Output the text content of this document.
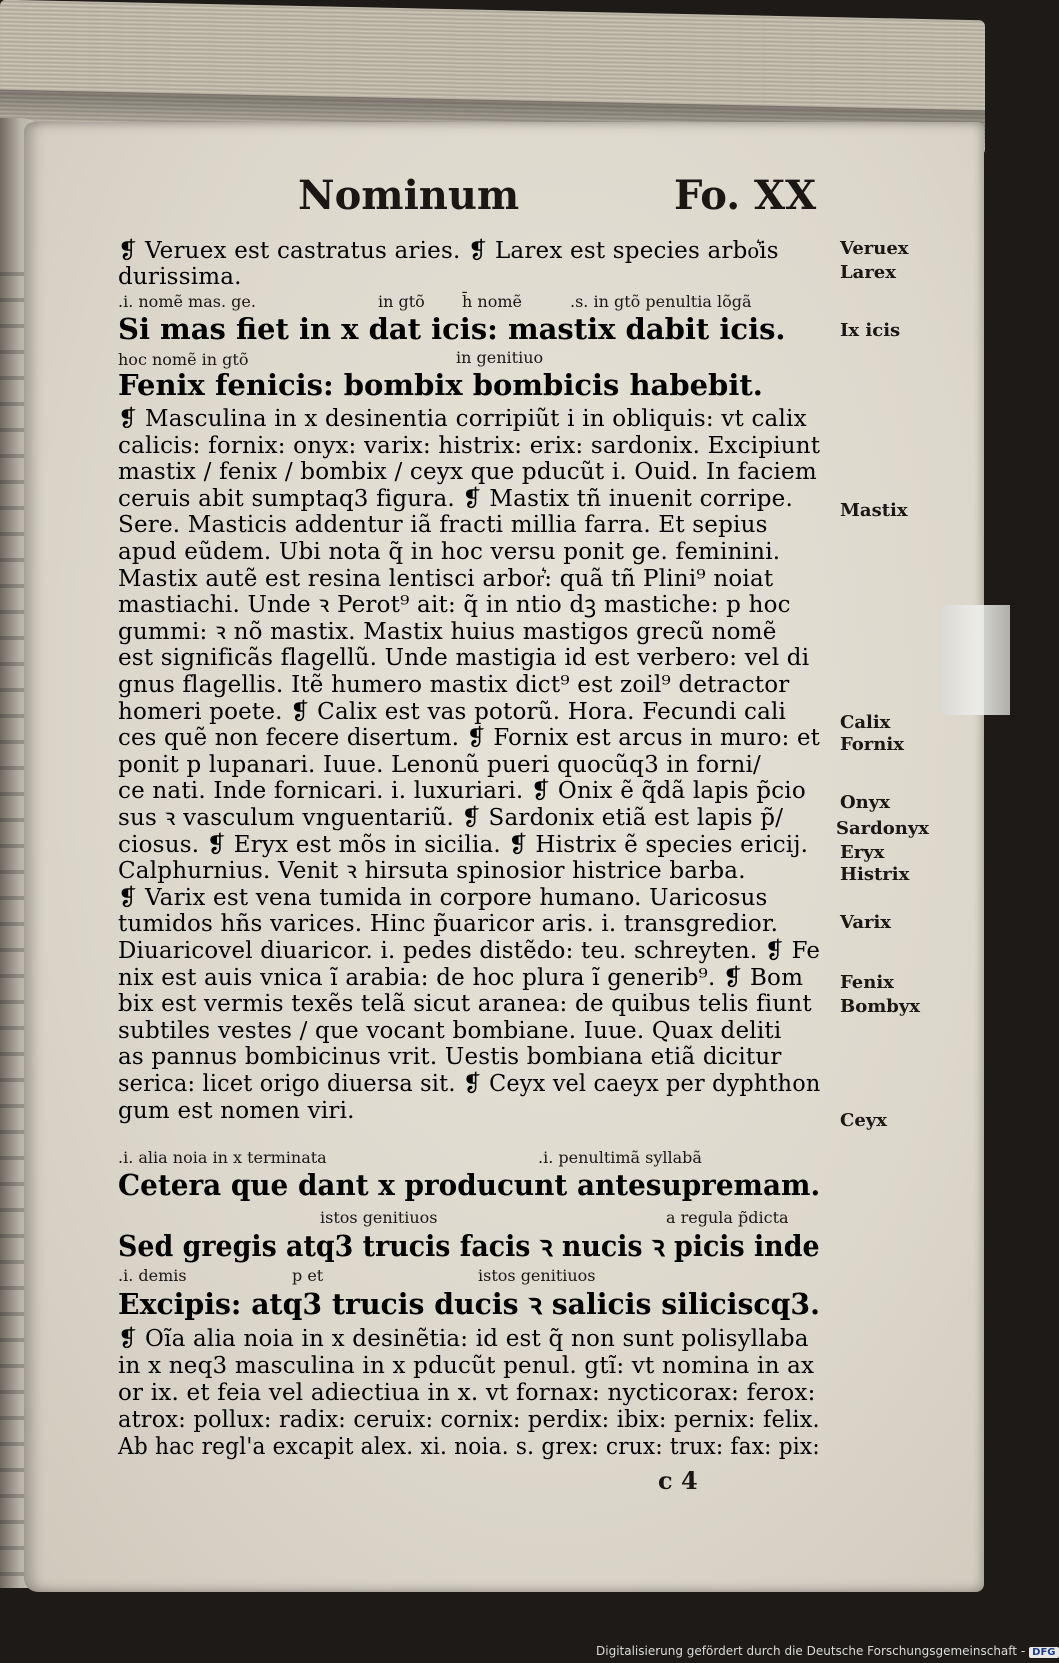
Nominum	Fo. XX
❡ Veruex est castratus aries. ❡ Larex est species arbo͛is
durissima.
.i. nomẽ mas. ge.	in gtõ h̄ nomẽ	.s. in gtõ penultia lõgã
Si mas fiet in x dat icis: mastix dabit icis.
hoc nomẽ in gtõ	in genitiuo
Fenix fenicis: bombix bombicis habebit.
❡ Masculina in x desinentia corripiũt i in obliquis: vt calix
calicis: fornix: onyx: varix: histrix: erix: sardonix. Excipiunt
mastix / fenix / bombix / ceyx que pducũt i. Ouid. In faciem
ceruis abit sumptaq3 figura. ❡ Mastix tñ inuenit corripe.
Sere. Masticis addentur iã fracti millia farra. Et sepius
apud eũdem. Ubi nota q̃ in hoc versu ponit ge. feminini.
Mastix autẽ est resina lentisci arbor͛: quã tñ Plini⁹ noiat
mastiachi. Unde ꝛ Perot⁹ ait: q̃ in ntio dꝫ mastiche: p hoc
gummi: ꝛ nõ mastix. Mastix huius mastigos grecũ nomẽ
est significãs flagellũ. Unde mastigia id est verbero: vel di
gnus flagellis. Itẽ humero mastix dict⁹ est zoil⁹ detractor
homeri poete. ❡ Calix est vas potorũ. Hora. Fecundi cali
ces quẽ non fecere disertum. ❡ Fornix est arcus in muro: et
ponit p lupanari. Iuue. Lenonũ pueri quocũq3 in forni/
ce nati. Inde fornicari. i. luxuriari. ❡ Onix ẽ q̃dã lapis p̃cio
sus ꝛ vasculum vnguentariũ. ❡ Sardonix etiã est lapis p̃/
ciosus. ❡ Eryx est mõs in sicilia. ❡ Histrix ẽ species ericij.
Calphurnius. Venit ꝛ hirsuta spinosior histrice barba.
❡ Varix est vena tumida in corpore humano. Uaricosus
tumidos hñs varices. Hinc p̃uaricor aris. i. transgredior.
Diuaricovel diuaricor. i. pedes distẽdo: teu. schreyten. ❡ Fe
nix est auis vnica ĩ arabia: de hoc plura ĩ generib⁹. ❡ Bom
bix est vermis texẽs telã sicut aranea: de quibus telis fiunt
subtiles vestes / que vocant bombiane. Iuue. Quax deliti
as pannus bombicinus vrit. Uestis bombiana etiã dicitur
serica: licet origo diuersa sit. ❡ Ceyx vel caeyx per dyphthon
gum est nomen viri.
.i. alia noia in x terminata	.i. penultimã syllabã
Cetera que dant x producunt antesupremam.
istos genitiuos	a regula p̃dicta
Sed gregis atq3 trucis facis ꝛ nucis ꝛ picis inde
.i. demis	p et	istos genitiuos
Excipis: atq3 trucis ducis ꝛ salicis siliciscq3.
❡ Oĩa alia noia in x desinẽtia: id est q̃ non sunt polisyllaba
in x neq3 masculina in x pducũt penul. gtĩ: vt nomina in ax
or ix. et feia vel adiectiua in x. vt fornax: nycticorax: ferox:
atrox: pollux: radix: ceruix: cornix: perdix: ibix: pernix: felix.
Ab hac regl'a excapit alex. xi. noia. s. grex: crux: trux: fax: pix:
Veruex
Larex
Ix icis
Mastix
Calix
Fornix
Onyx
Sardonyx
Eryx
Histrix
Varix
Fenix
Bombyx
Ceyx
c 4
Digitalisierung gefördert durch die Deutsche Forschungsgemeinschaft - DFG
